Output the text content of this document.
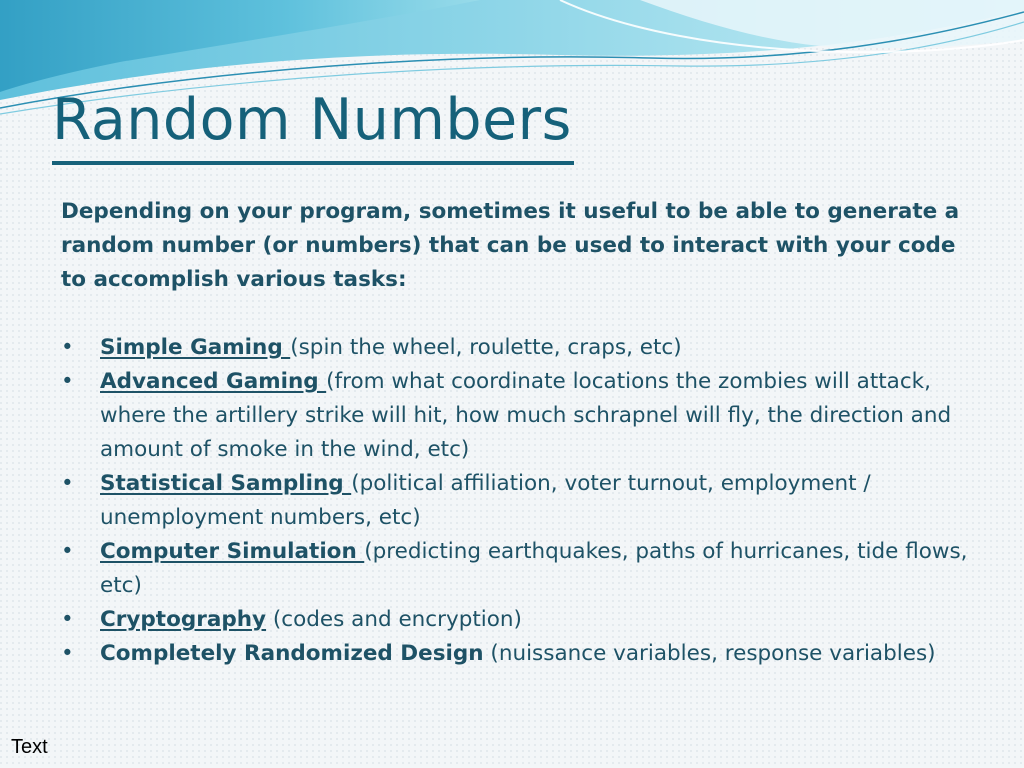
Random Numbers

Depending on your program, sometimes it useful to be able to generate a random number (or numbers) that can be used to interact with your code to accomplish various tasks:

•	Simple Gaming (spin the wheel, roulette, craps, etc)
•	Advanced Gaming (from what coordinate locations the zombies will attack, where the artillery strike will hit, how much schrapnel will fly, the direction and amount of smoke in the wind, etc)
•	Statistical Sampling (political affiliation, voter turnout, employment / unemployment numbers, etc)
•	Computer Simulation (predicting earthquakes, paths of hurricanes, tide flows, etc)
•	Cryptography (codes and encryption)
•	Completely Randomized Design (nuissance variables, response variables)
Text
